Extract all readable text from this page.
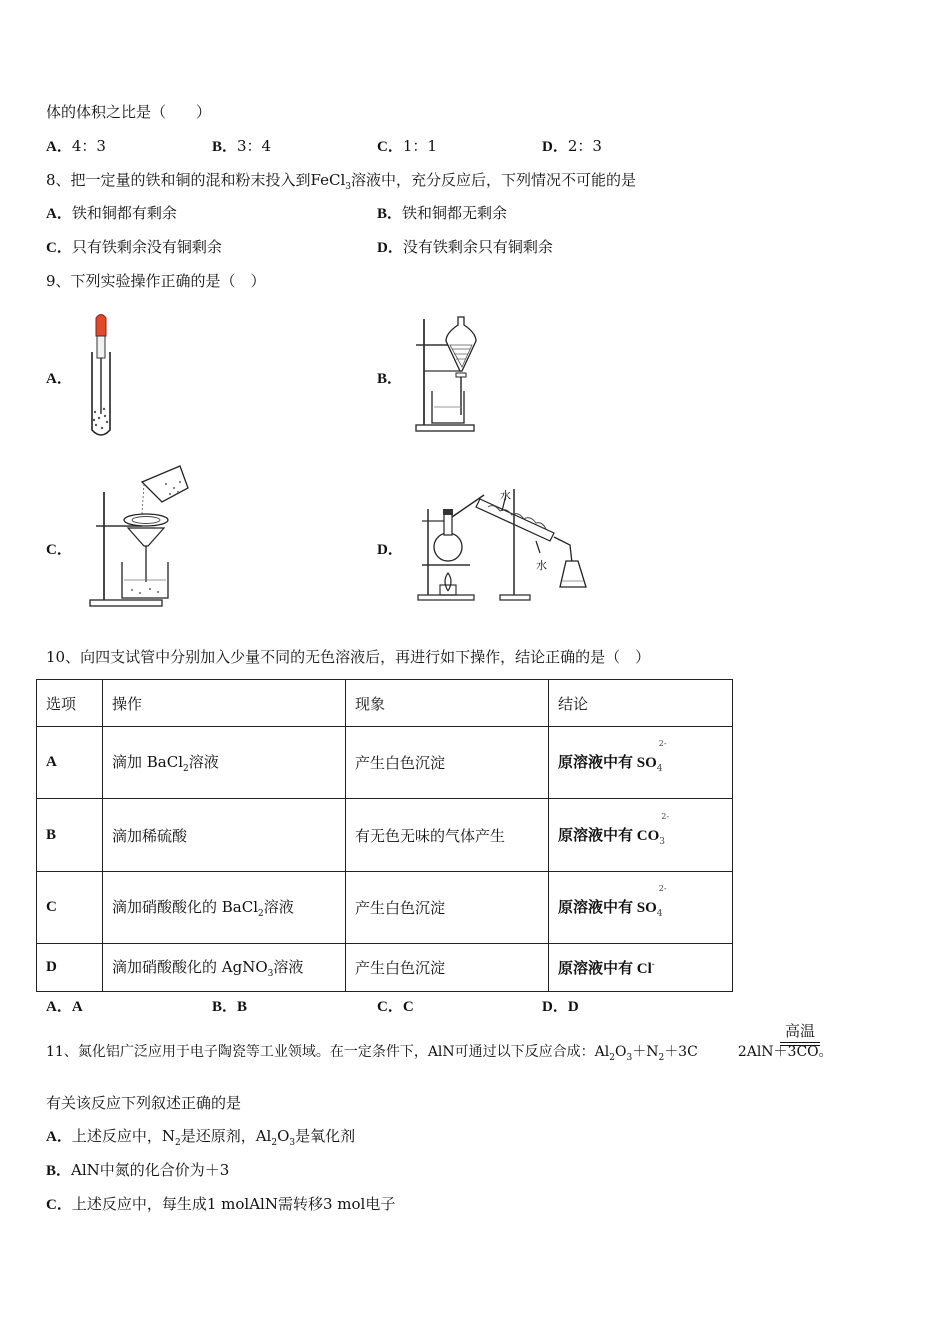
体的体积之比是（　　）
A．4：3	B．3：4	C．1：1	D．2：3
8、把一定量的铁和铜的混和粉末投入到FeCl$_3$溶液中，充分反应后，下列情况不可能的是
A．铁和铜都有剩余	B．铁和铜都无剩余
C．只有铁剩余没有铜剩余	D．没有铁剩余只有铜剩余
9、下列实验操作正确的是（　）
A．	B．
C．	D．
水
水
10、向四支试管中分别加入少量不同的无色溶液后，再进行如下操作，结论正确的是（　）
选项	操作	现象	结论
A	滴加 BaCl$_2$溶液	产生白色沉淀	原溶液中有 SO
2-
$_4$
B	滴加稀硫酸	有无色无味的气体产生	原溶液中有 CO
2-
$_3$
C	滴加硝酸酸化的 BaCl$_2$溶液	产生白色沉淀	原溶液中有 SO
2-
$_4$
D	滴加硝酸酸化的 AgNO$_3$溶液	产生白色沉淀	原溶液中有 Cl-
A．A	B．B	C．C	D．D
11、氮化铝广泛应用于电子陶瓷等工业领域。在一定条件下，AlN可通过以下反应合成：$Al_2O_3+N_2+3C$	2AlN＋3CO。
高温
有关该反应下列叙述正确的是
A．上述反应中，$N_2$是还原剂，$Al_2O_3$是氧化剂
B．AlN中氮的化合价为＋3
C．上述反应中，每生成1 molAlN需转移3 mol电子
